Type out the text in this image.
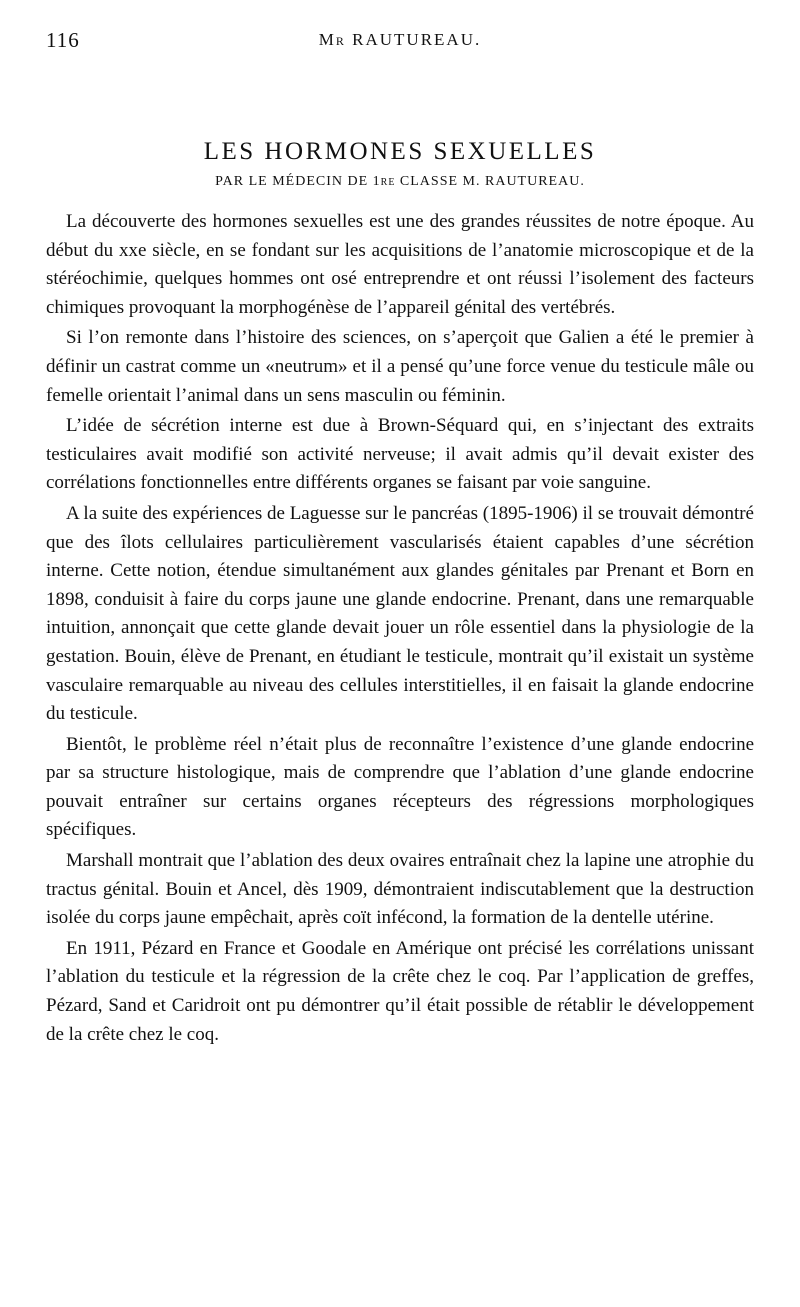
116	Mr RAUTUREAU.
LES HORMONES SEXUELLES
PAR LE MÉDECIN DE 1re CLASSE M. RAUTUREAU.

La découverte des hormones sexuelles est une des grandes réussites de notre époque. Au début du xxe siècle, en se fondant sur les acquisitions de l’anatomie microscopique et de la stéréochimie, quelques hommes ont osé entreprendre et ont réussi l’isolement des facteurs chimiques provoquant la morphogénèse de l’appareil génital des vertébrés.

Si l’on remonte dans l’histoire des sciences, on s’aperçoit que Galien a été le premier à définir un castrat comme un «neutrum» et il a pensé qu’une force venue du testicule mâle ou femelle orientait l’animal dans un sens masculin ou féminin.

L’idée de sécrétion interne est due à Brown-Séquard qui, en s’injectant des extraits testiculaires avait modifié son activité nerveuse; il avait admis qu’il devait exister des corrélations fonctionnelles entre différents organes se faisant par voie sanguine.

A la suite des expériences de Laguesse sur le pancréas (1895-1906) il se trouvait démontré que des îlots cellulaires particulièrement vascularisés étaient capables d’une sécrétion interne. Cette notion, étendue simultanément aux glandes génitales par Prenant et Born en 1898, conduisit à faire du corps jaune une glande endocrine. Prenant, dans une remarquable intuition, annonçait que cette glande devait jouer un rôle essentiel dans la physiologie de la gestation. Bouin, élève de Prenant, en étudiant le testicule, montrait qu’il existait un système vasculaire remarquable au niveau des cellules interstitielles, il en faisait la glande endocrine du testicule.

Bientôt, le problème réel n’était plus de reconnaître l’existence d’une glande endocrine par sa structure histologique, mais de comprendre que l’ablation d’une glande endocrine pouvait entraîner sur certains organes récepteurs des régressions morphologiques spécifiques.

Marshall montrait que l’ablation des deux ovaires entraînait chez la lapine une atrophie du tractus génital. Bouin et Ancel, dès 1909, démontraient indiscutablement que la destruction isolée du corps jaune empêchait, après coït infécond, la formation de la dentelle utérine.

En 1911, Pézard en France et Goodale en Amérique ont précisé les corrélations unissant l’ablation du testicule et la régression de la crête chez le coq. Par l’application de greffes, Pézard, Sand et Caridroit ont pu démontrer qu’il était possible de rétablir le développement de la crête chez le coq.
